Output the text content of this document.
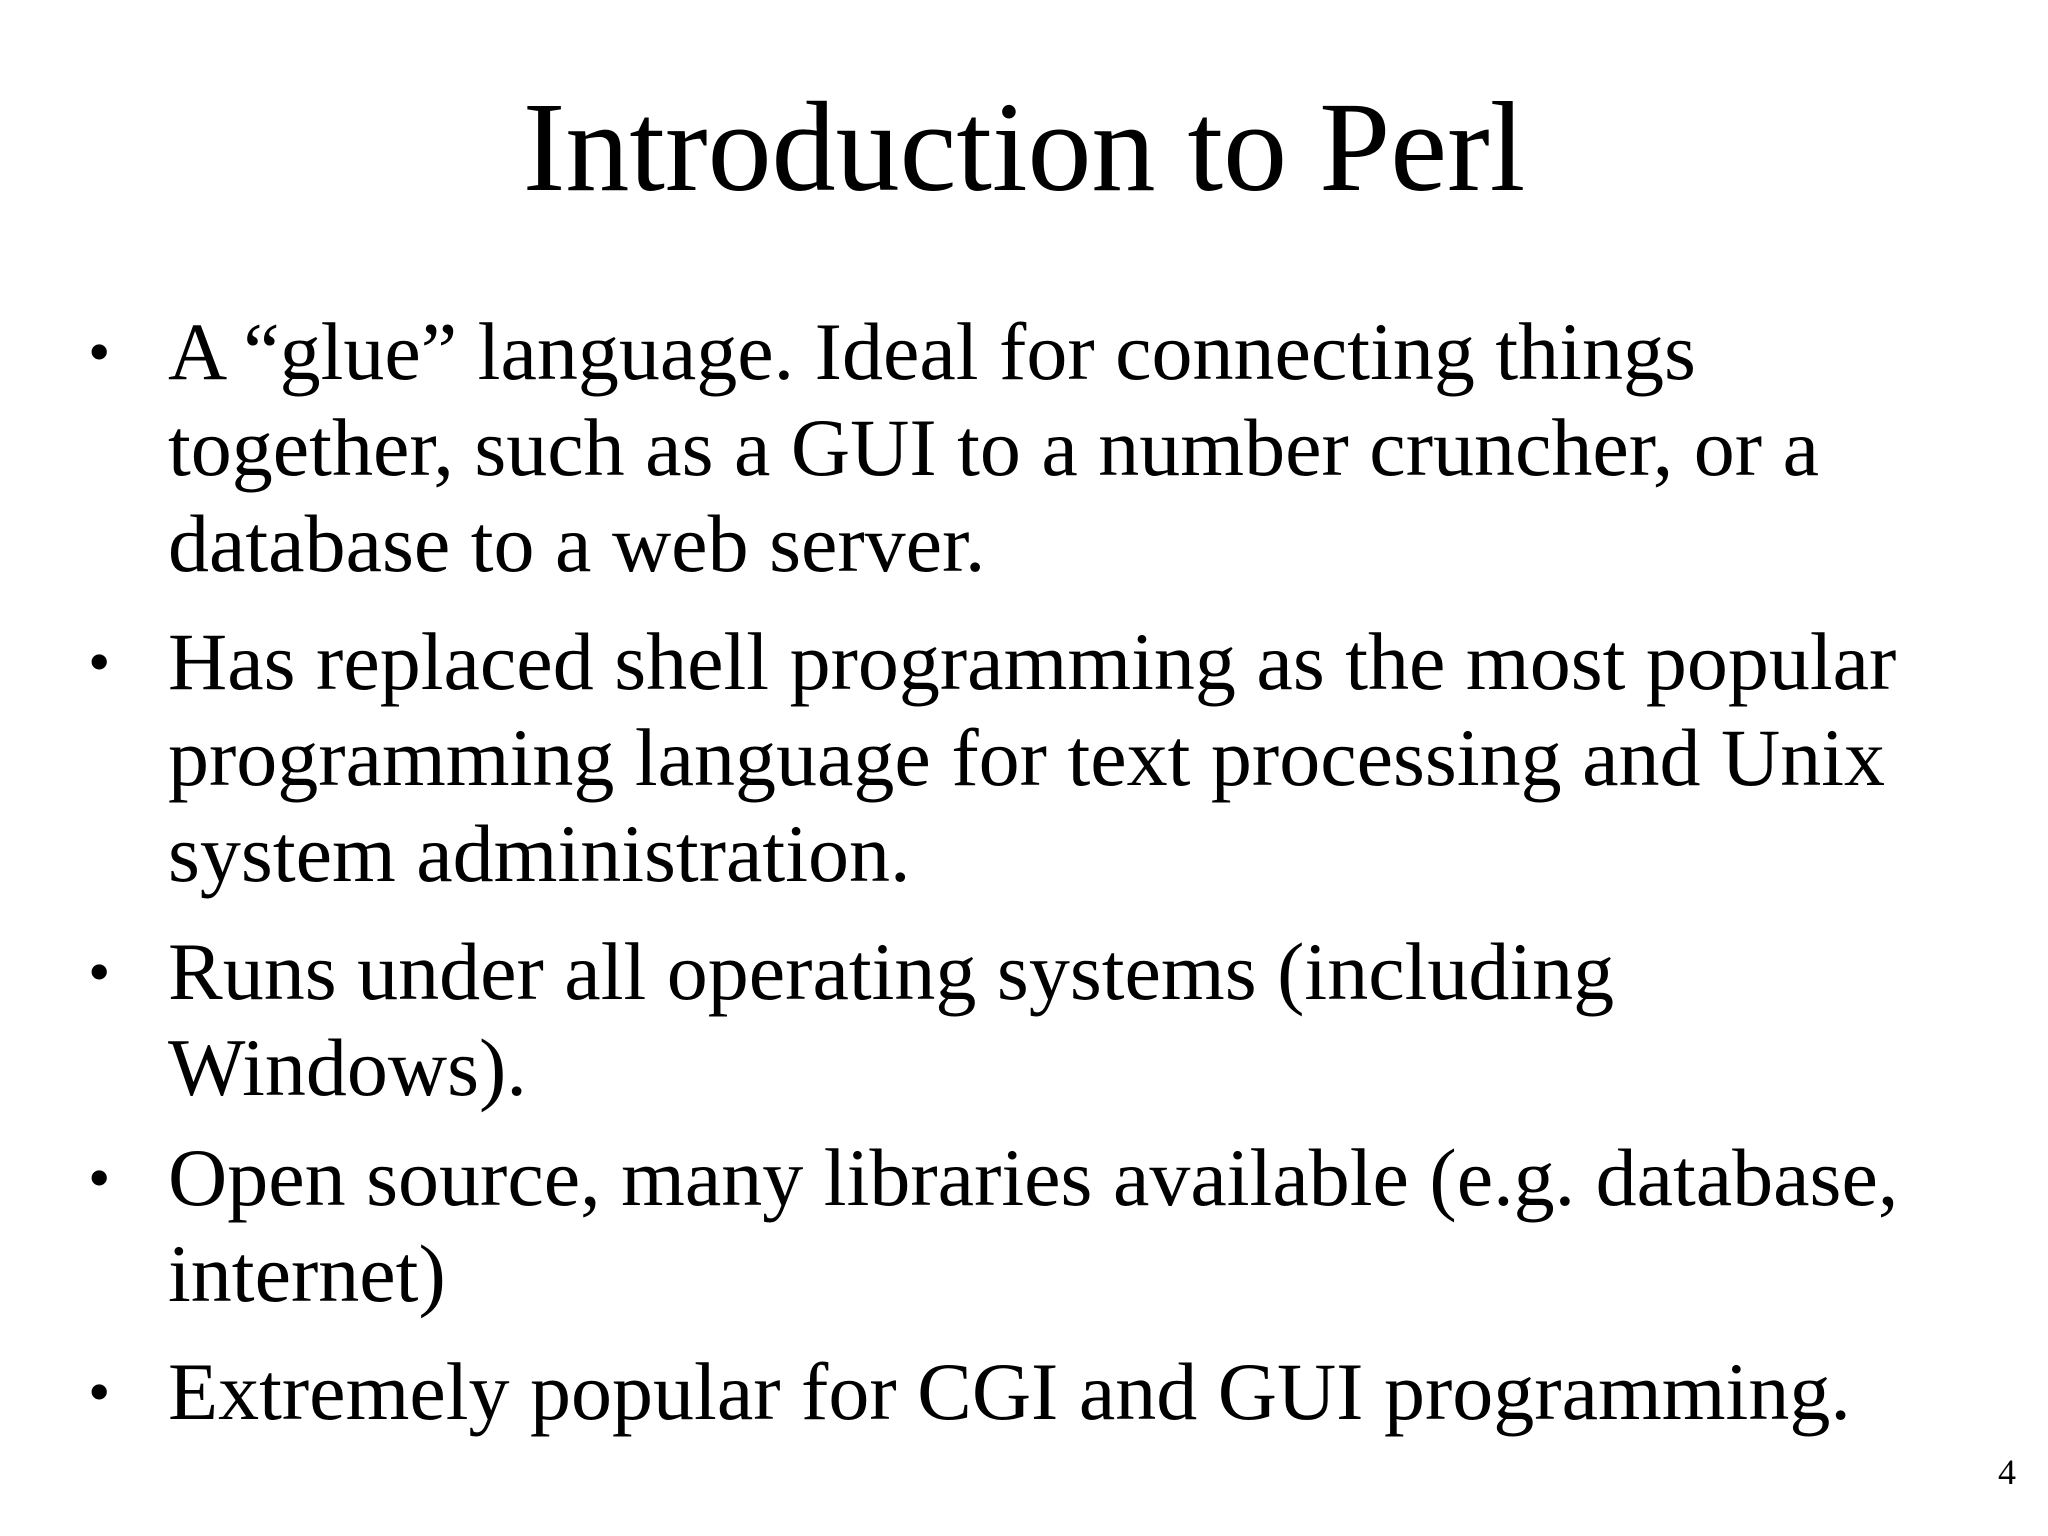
Introduction to Perl
• A “glue” language. Ideal for connecting things together, such as a GUI to a number cruncher, or a database to a web server.
• Has replaced shell programming as the most popular programming language for text processing and Unix system administration.
• Runs under all operating systems (including Windows).
• Open source, many libraries available (e.g. database, internet)
• Extremely popular for CGI and GUI programming.
4
